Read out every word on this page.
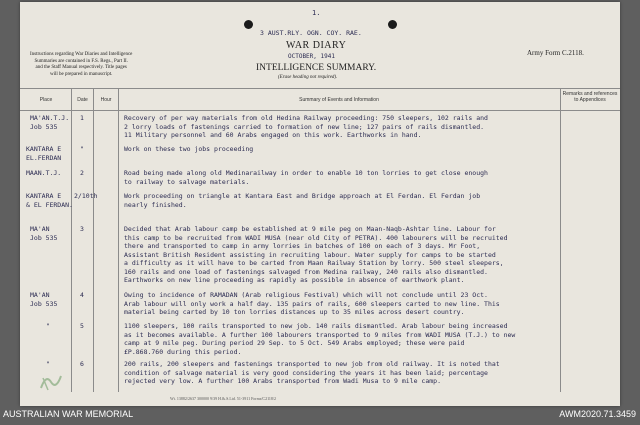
1.
3 AUST.RLY. OGN. COY. RAE.
WAR DIARY
OCTOBER, 1941
INTELLIGENCE SUMMARY.
(Erase heading not required).
Instructions regarding War Diaries and Intelligence
Summaries are contained in F.S. Regs., Part II.
and the Staff Manual respectively. Title pages
will be prepared in manuscript.
Army Form C.2118.
Place	Date	Hour	Summary of Events and Information
Remarks and references to Appendices
MA'AN.T.J.
Job 535
1	Recovery of per way materials from old Hedina Railway proceeding: 750 sleepers, 102 rails and
2 lorry loads of fastenings carried to formation of new line; 127 pairs of rails dismantled.
11 Military personnel and 60 Arabs engaged on this work. Earthworks in hand.
KANTARA E
EL.FERDAN
"	Work on these two jobs proceeding
MAAN.T.J.	2	Road being made along old Medinarailway in order to enable 10 ton lorries to get close enough
to railway to salvage materials.
KANTARA E
& EL FERDAN.
2/10th	Work proceeding on triangle at Kantara East and Bridge approach at El Ferdan. El Ferdan job
nearly finished.
MA'AN
Job 535
3	Decided that Arab labour camp be established at 9 mile peg on Maan-Naqb-Ashtar line. Labour for
this camp to be recruited from WADI MUSA (near old City of PETRA). 400 labourers will be recruited
there and transported to camp in army lorries in batches of 100 on each of 3 days. Mr Foot,
Assistant British Resident assisting in recruiting labour. Water supply for camps to be started
a difficulty as it will have to be carted from Maan Railway Station by lorry. 500 steel sleepers,
160 rails and one load of fastenings salvaged from Medina railway, 240 rails also dismantled.
Earthworks on new line proceeding as rapidly as possible in absence of earthwork plant.
MA'AN
Job 535
4	Owing to incidence of RAMADAN (Arab religious Festival) which will not conclude until 23 Oct.
Arab labour will only work a half day. 135 pairs of rails, 600 sleepers carted to new line. This
material being carted by 10 ton lorries distances up to 35 miles across desert country.
"	5	1100 sleepers, 100 rails transported to new job. 140 rails dismantled. Arab labour being increased
as it becomes available. A further 100 labourers transported to 9 miles from WADI MUSA (T.J.) to new
camp at 9 mile peg. During period 29 Sep. to 5 Oct. 549 Arabs employed; these were paid
£P.868.760 during this period.
"	6	200 rails, 200 sleepers and fastenings transported to new job from old railway. It is noted that
condition of salvage material is very good considering the years it has been laid; percentage
rejected very low. A further 100 Arabs transported from Wadi Musa to 9 mile camp.
Wt. 13882/2637 300000 9/39 H.&.S.Ltd. 51-3911 Forms/C2118/2
AUSTRALIAN WAR MEMORIAL	AWM2020.71.3459
